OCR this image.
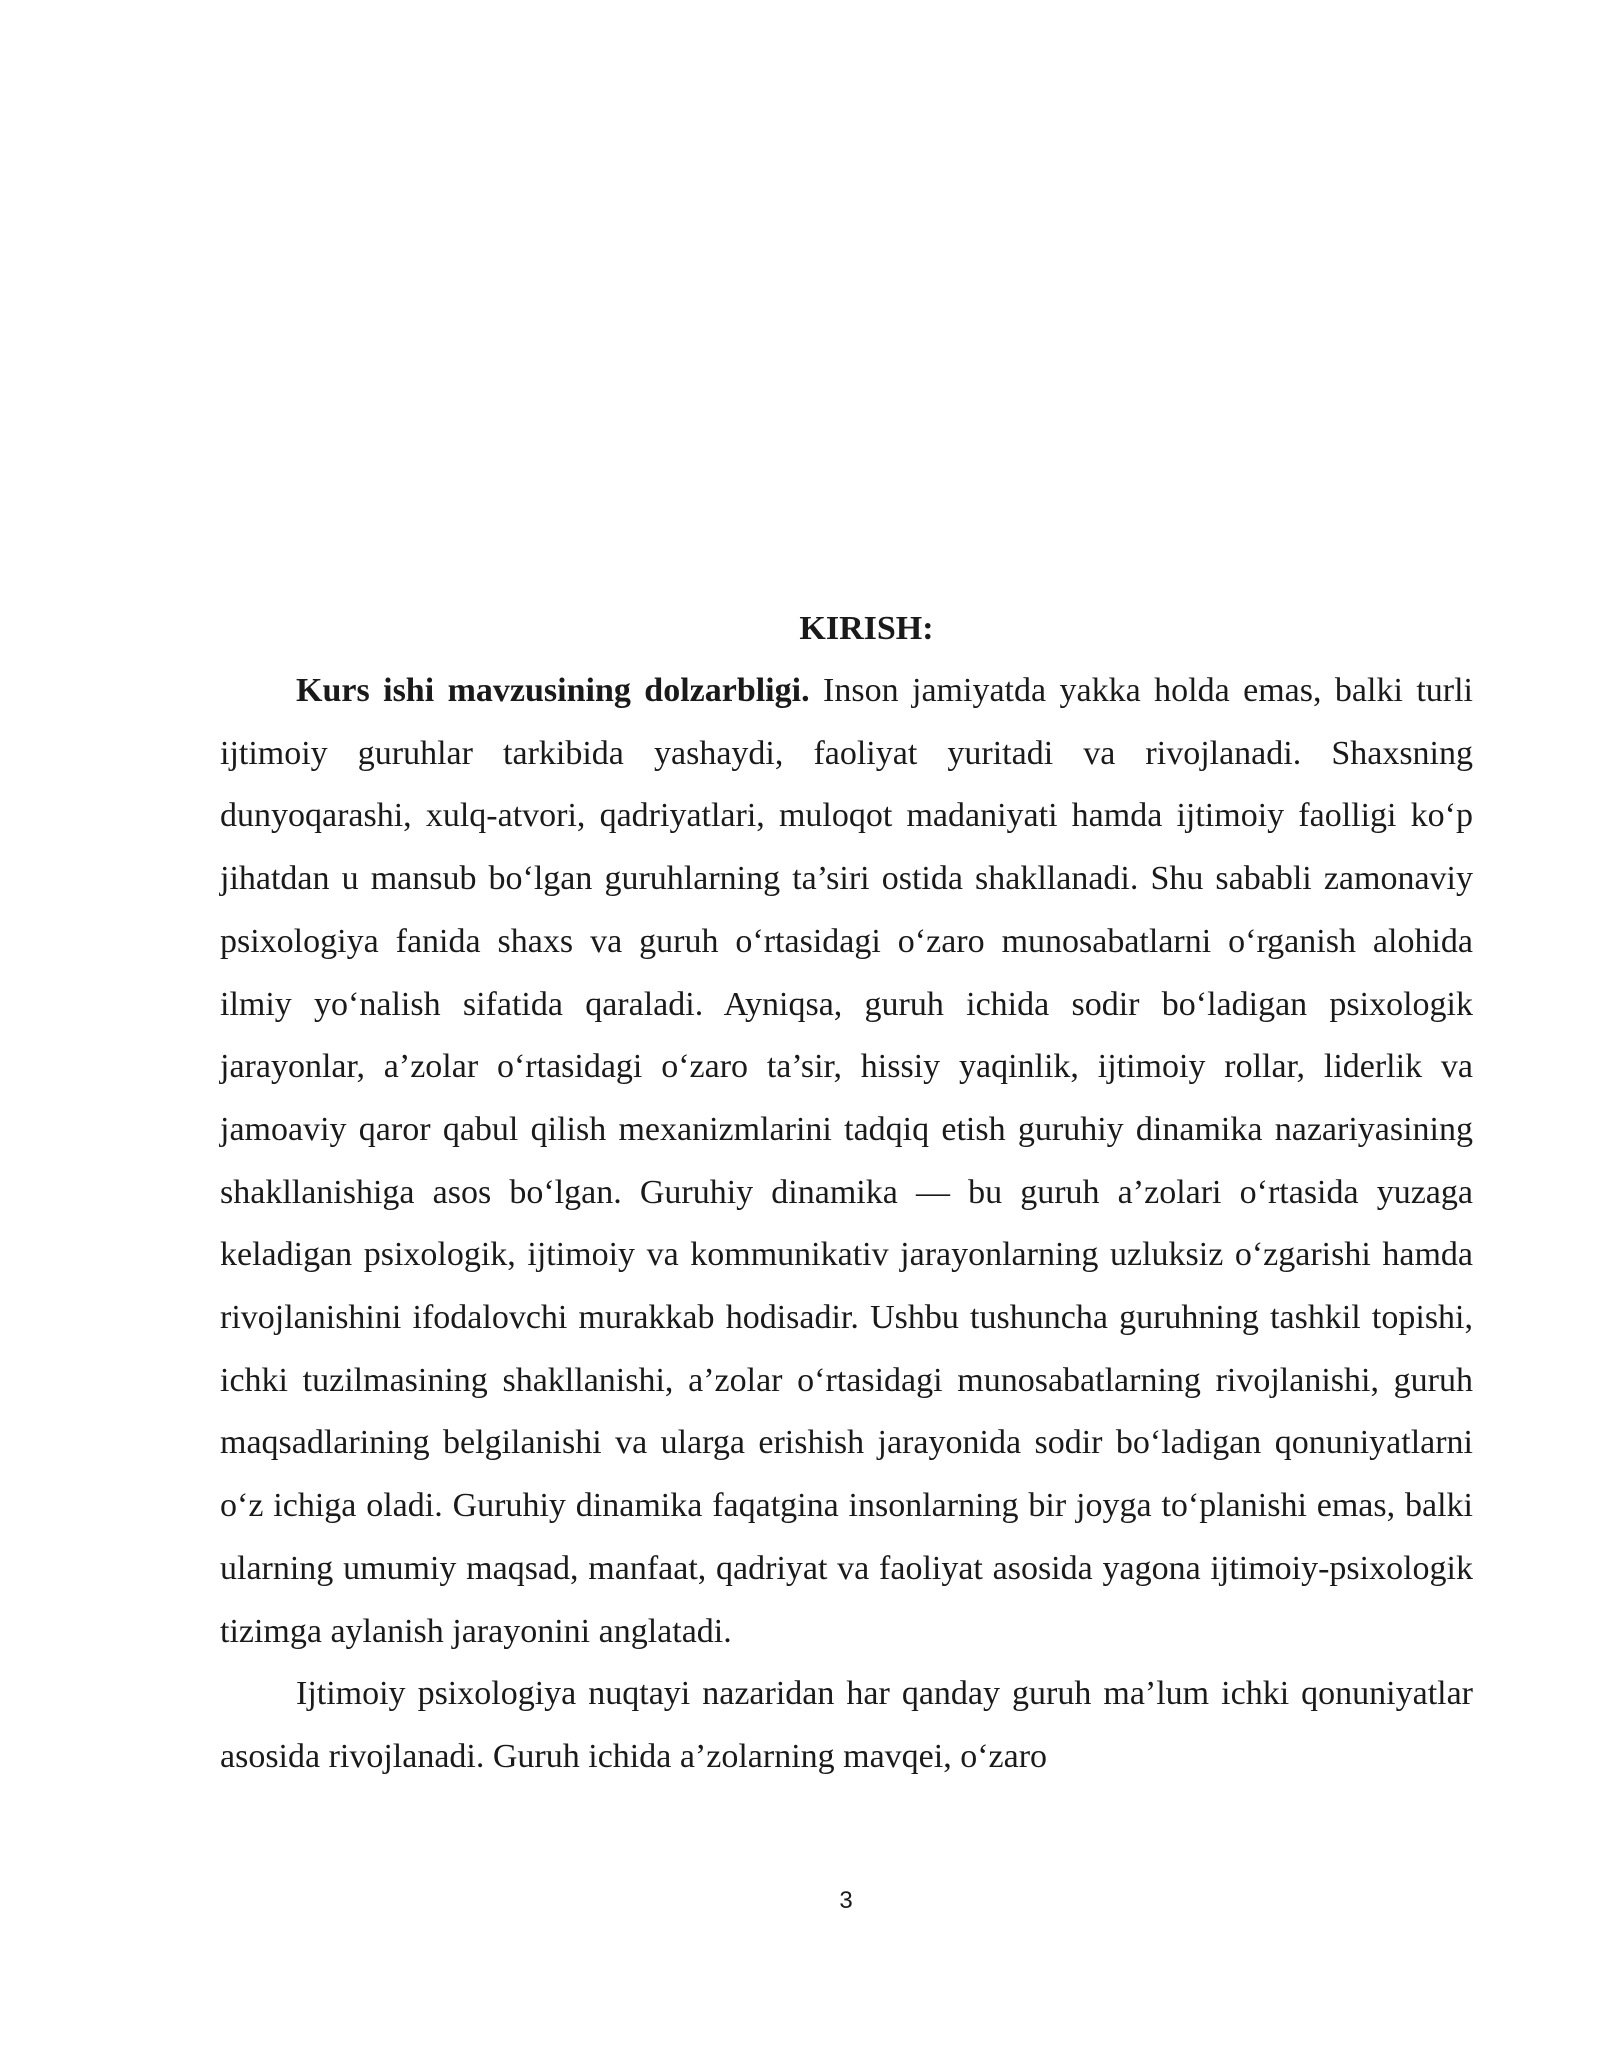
KIRISH:

Kurs ishi mavzusining dolzarbligi. Inson jamiyatda yakka holda emas, balki turli ijtimoiy guruhlar tarkibida yashaydi, faoliyat yuritadi va rivojlanadi. Shaxsning dunyoqarashi, xulq-atvori, qadriyatlari, muloqot madaniyati hamda ijtimoiy faolligi ko‘p jihatdan u mansub bo‘lgan guruhlarning ta’siri ostida shakllanadi. Shu sababli zamonaviy psixologiya fanida shaxs va guruh o‘rtasidagi o‘zaro munosabatlarni o‘rganish alohida ilmiy yo‘nalish sifatida qaraladi. Ayniqsa, guruh ichida sodir bo‘ladigan psixologik jarayonlar, a’zolar o‘rtasidagi o‘zaro ta’sir, hissiy yaqinlik, ijtimoiy rollar, liderlik va jamoaviy qaror qabul qilish mexanizmlarini tadqiq etish guruhiy dinamika nazariyasining shakllanishiga asos bo‘lgan. Guruhiy dinamika — bu guruh a’zolari o‘rtasida yuzaga keladigan psixologik, ijtimoiy va kommunikativ jarayonlarning uzluksiz o‘zgarishi hamda rivojlanishini ifodalovchi murakkab hodisadir. Ushbu tushuncha guruhning tashkil topishi, ichki tuzilmasining shakllanishi, a’zolar o‘rtasidagi munosabatlarning rivojlanishi, guruh maqsadlarining belgilanishi va ularga erishish jarayonida sodir bo‘ladigan qonuniyatlarni o‘z ichiga oladi. Guruhiy dinamika faqatgina insonlarning bir joyga to‘planishi emas, balki ularning umumiy maqsad, manfaat, qadriyat va faoliyat asosida yagona ijtimoiy-psixologik tizimga aylanish jarayonini anglatadi.

Ijtimoiy psixologiya nuqtayi nazaridan har qanday guruh ma’lum ichki qonuniyatlar asosida rivojlanadi. Guruh ichida a’zolarning mavqei, o‘zaro

3
